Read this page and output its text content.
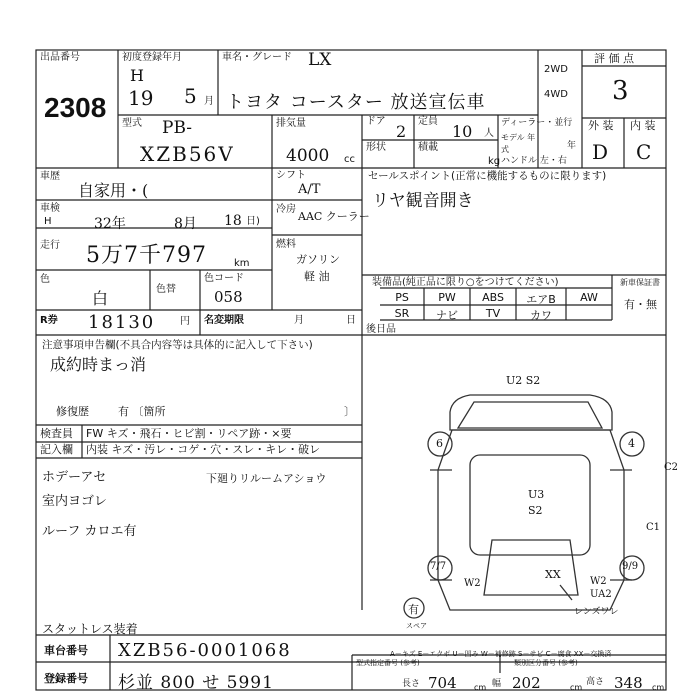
出品番号
2308
初度登録年月
H
19 5 月
車名・グレード LX
トヨタ コースター 放送宣伝車
2WD
4WD
評 価 点
3
型式 PB-
XZB56V
排気量
4000 cc
ドア
2
定員
10 人
形状	積載
kg
ディーラー・並行
モデル 年式	年
ハンドル 左・右
外 装 内 装
D C
車歴
自家用・(
車検
H	32年	8月 18 日)
走行 5万7千797	km
色
白	色替
色コード
058
R券 18130 円 名変期限	月	日
シフト
A/T
冷房
AAC クーラー
燃料
ガソリン
軽 油
セールスポイント(正常に機能するものに限ります)
リヤ観音開き
装備品(純正品に限り○をつけてください)	新車保証書
有・無
PS	PW	ABS	エアB	AW
SR	ナビ	TV	カワ
後日品
注意事項申告欄(不具合内容等は具体的に記入して下さい)
成約時まっ消
修復歴	有 〔箇所	〕
検査員 FW キズ・飛石・ヒビ割・リペア跡・×要
記入欄 内装 キズ・汚レ・コゲ・穴・スレ・キレ・破レ
ホデーアセ
室内ヨゴレ
ルーフ カロエ有
スタットレス装着
下廻りリルームアショウ
U2 S2
U3
S2
C2
C1
6	4
7/7	9/9
W2
XX
W2
UA2
レンズワレ
有
スペア
A－キズ E－エクボ U－凹み W－補修跡 S－サビ C－腐食 XX－交換済
車台番号 XZB56-0001068
登録番号 杉並 800 せ 5991
型式指定番号 (参考)	類別区分番号 (参考)
長さ 704 cm 幅 202	cm
高さ 348 cm
